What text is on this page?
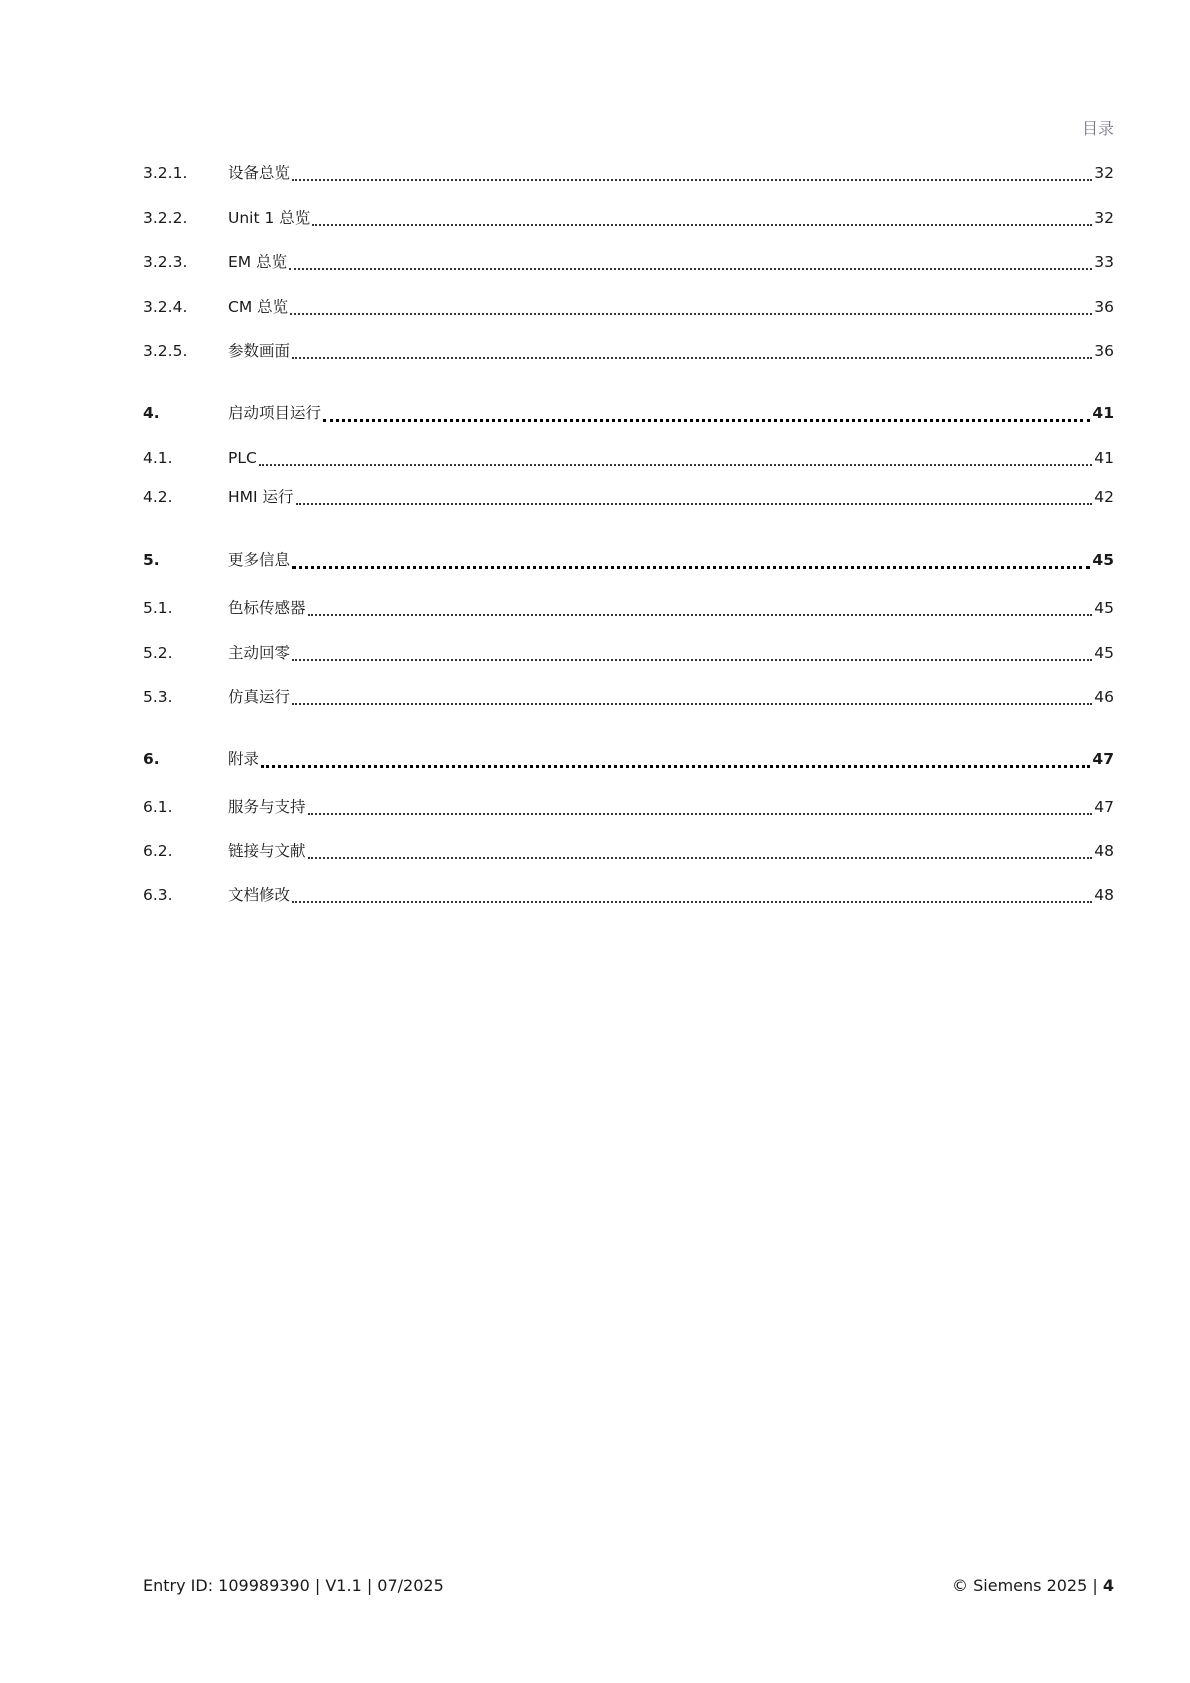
目录
3.2.1.	设备总览	32
3.2.2.	Unit 1 总览	32
3.2.3.	EM 总览	33
3.2.4.	CM 总览	36
3.2.5.	参数画面	36
4.	启动项目运行	41
4.1.	PLC	41
4.2.	HMI 运行	42
5.	更多信息	45
5.1.	色标传感器	45
5.2.	主动回零	45
5.3.	仿真运行	46
6.	附录	47
6.1.	服务与支持	47
6.2.	链接与文献	48
6.3.	文档修改	48
Entry ID: 109989390 | V1.1 | 07/2025	© Siemens 2025 | 4
